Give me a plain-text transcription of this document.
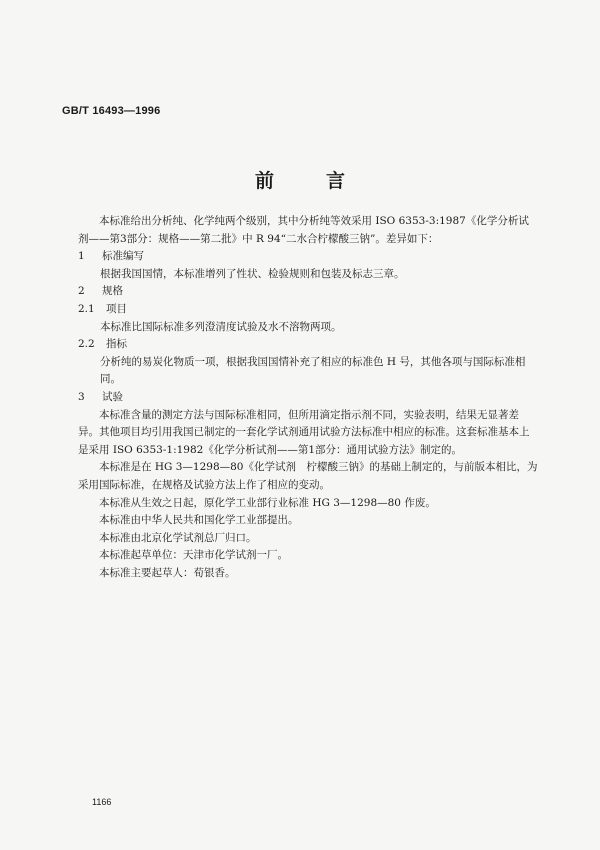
GB/T 16493—1996
前言

本标准给出分析纯、化学纯两个级别，其中分析纯等效采用 ISO 6353-3:1987《化学分析试剂——第3部分：规格——第二批》中 R 94“二水合柠檬酸三钠”。差异如下：

1 标准编写

根据我国国情，本标准增列了性状、检验规则和包装及标志三章。

2 规格

2.1 项目

本标准比国际标准多列澄清度试验及水不溶物两项。

2.2 指标

分析纯的易炭化物质一项，根据我国国情补充了相应的标准色 H 号，其他各项与国际标准相同。

3 试验

本标准含量的测定方法与国际标准相同，但所用滴定指示剂不同，实验表明，结果无显著差异。其他项目均引用我国已制定的一套化学试剂通用试验方法标准中相应的标准。这套标准基本上是采用 ISO 6353-1:1982《化学分析试剂——第1部分：通用试验方法》制定的。

本标准是在 HG 3—1298—80《化学试剂　柠檬酸三钠》的基础上制定的，与前版本相比，为采用国际标准，在规格及试验方法上作了相应的变动。

本标准从生效之日起，原化学工业部行业标准 HG 3—1298—80 作废。

本标准由中华人民共和国化学工业部提出。

本标准由北京化学试剂总厂归口。

本标准起草单位：天津市化学试剂一厂。

本标准主要起草人：荀银香。

1166
